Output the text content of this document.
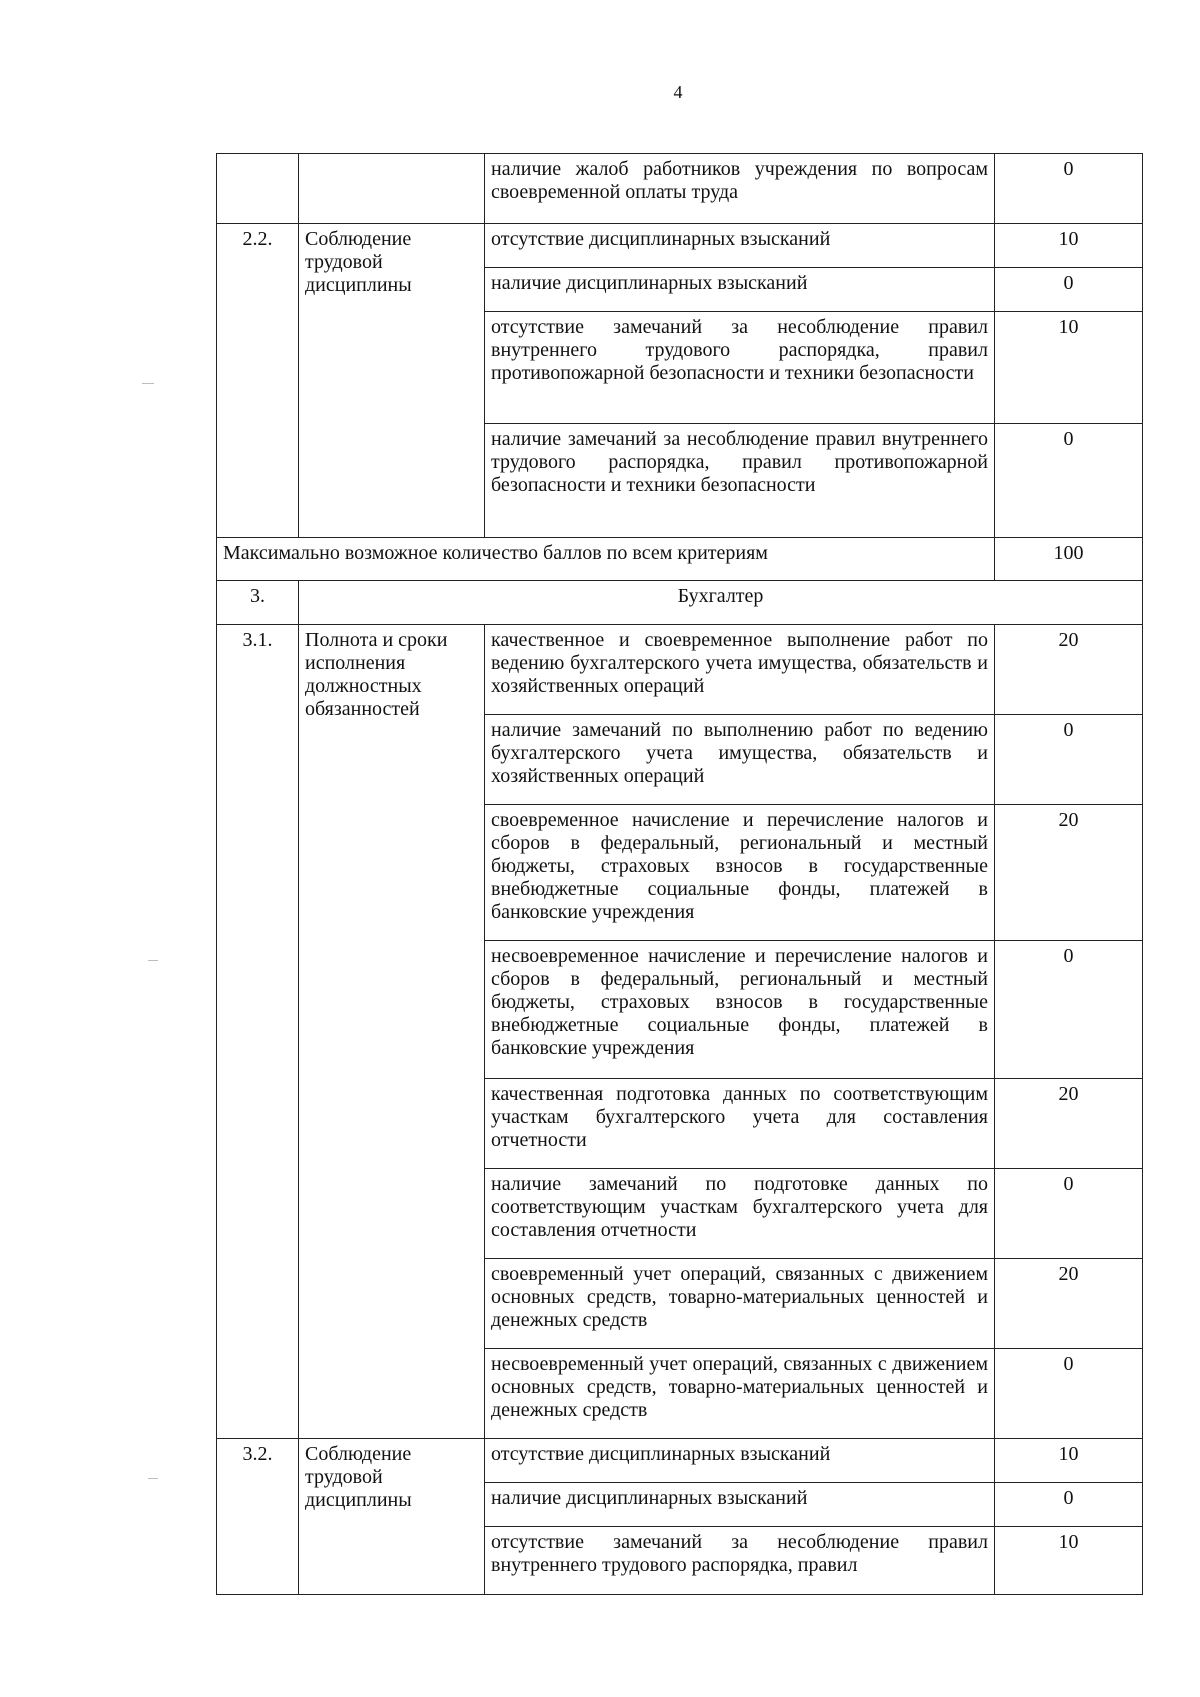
4
		наличие жалоб работников учреждения по вопросам своевременной оплаты труда	0
2.2.	Соблюдение трудовой дисциплины	отсутствие дисциплинарных взысканий	10
		наличие дисциплинарных взысканий	0
		отсутствие замечаний за несоблюдение правил внутреннего трудового распорядка, правил противопожарной безопасности и техники безопасности	10
		наличие замечаний за несоблюдение правил внутреннего трудового распорядка, правил противопожарной безопасности и техники безопасности	0
Максимально возможное количество баллов по всем критериям			100
3.	Бухгалтер		
3.1.	Полнота и сроки исполнения должностных обязанностей	качественное и своевременное выполнение работ по ведению бухгалтерского учета имущества, обязательств и хозяйственных операций	20
		наличие замечаний по выполнению работ по ведению бухгалтерского учета имущества, обязательств и хозяйственных операций	0
		своевременное начисление и перечисление налогов и сборов в федеральный, региональный и местный бюджеты, страховых взносов в государственные внебюджетные социальные фонды, платежей в банковские учреждения	20
		несвоевременное начисление и перечисление налогов и сборов в федеральный, региональный и местный бюджеты, страховых взносов в государственные внебюджетные социальные фонды, платежей в банковские учреждения	0
		качественная подготовка данных по соответствующим участкам бухгалтерского учета для составления отчетности	20
		наличие замечаний по подготовке данных по соответствующим участкам бухгалтерского учета для составления отчетности	0
		своевременный учет операций, связанных с движением основных средств, товарно-материальных ценностей и денежных средств	20
		несвоевременный учет операций, связанных с движением основных средств, товарно-материальных ценностей и денежных средств	0
3.2.	Соблюдение трудовой дисциплины	отсутствие дисциплинарных взысканий	10
		наличие дисциплинарных взысканий	0
		отсутствие замечаний за несоблюдение правил внутреннего трудового распорядка, правил	10
